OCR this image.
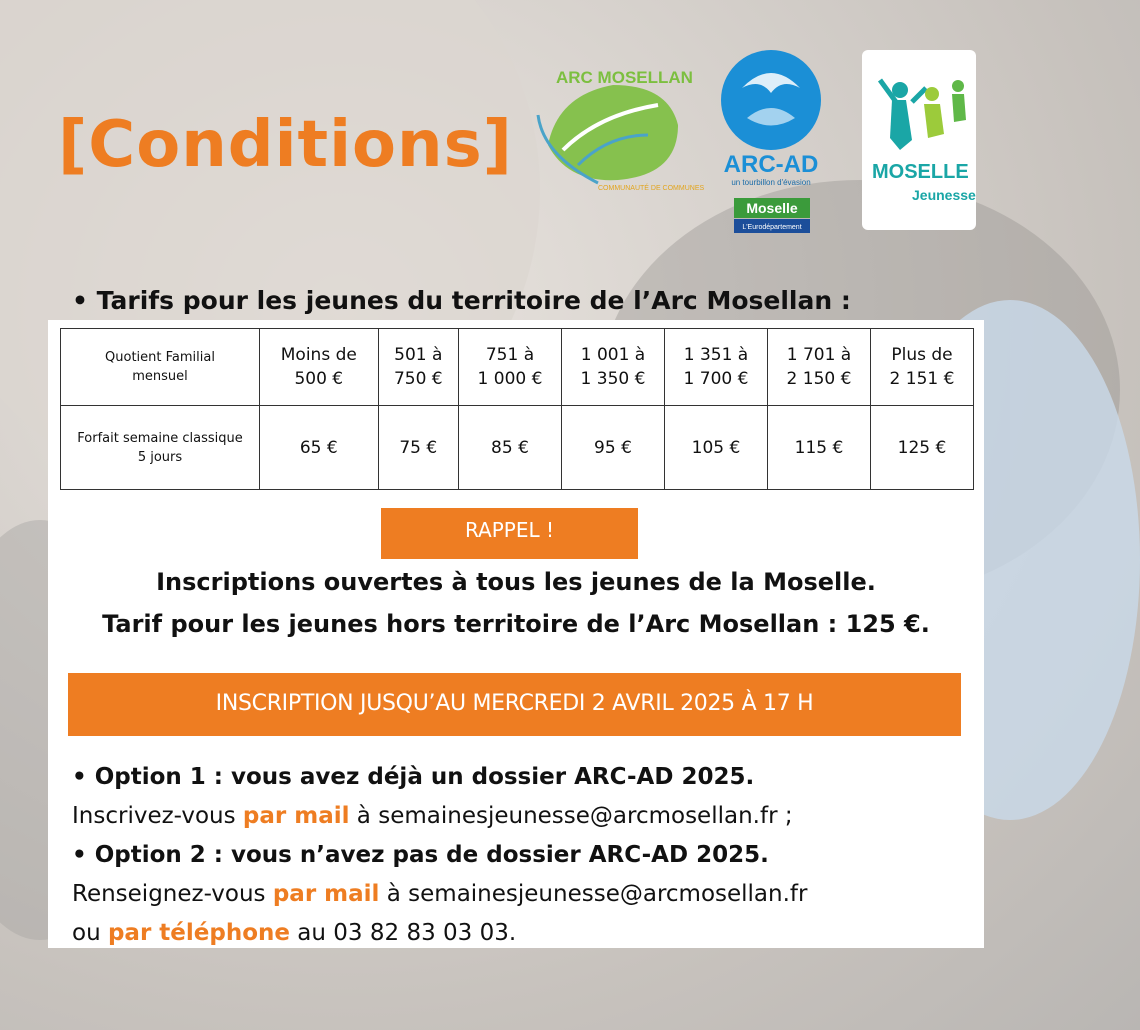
[Conditions]
ARC MOSELLAN
COMMUNAUTÉ DE COMMUNES
ARC-AD
un tourbillon d'évasion
Moselle
L'Eurodépartement
MOSELLE
Jeunesse
• Tarifs pour les jeunes du territoire de l’Arc Mosellan :
Quotient Familial
mensuel	Moins de
500 €	501 à
750 €	751 à
1 000 €	1 001 à
1 350 €	1 351 à
1 700 €	1 701 à
2 150 €	Plus de
2 151 €
Forfait semaine classique
5 jours	65 €	75 €	85 €	95 €	105 €	115 €	125 €
RAPPEL !
Inscriptions ouvertes à tous les jeunes de la Moselle.
Tarif pour les jeunes hors territoire de l’Arc Mosellan : 125 €.
INSCRIPTION JUSQU’AU MERCREDI 2 AVRIL 2025 À 17 H
• Option 1 : vous avez déjà un dossier ARC-AD 2025.
Inscrivez-vous par mail à semainesjeunesse@arcmosellan.fr ;
• Option 2 : vous n’avez pas de dossier ARC-AD 2025.
Renseignez-vous par mail à semainesjeunesse@arcmosellan.fr
ou par téléphone au 03 82 83 03 03.
